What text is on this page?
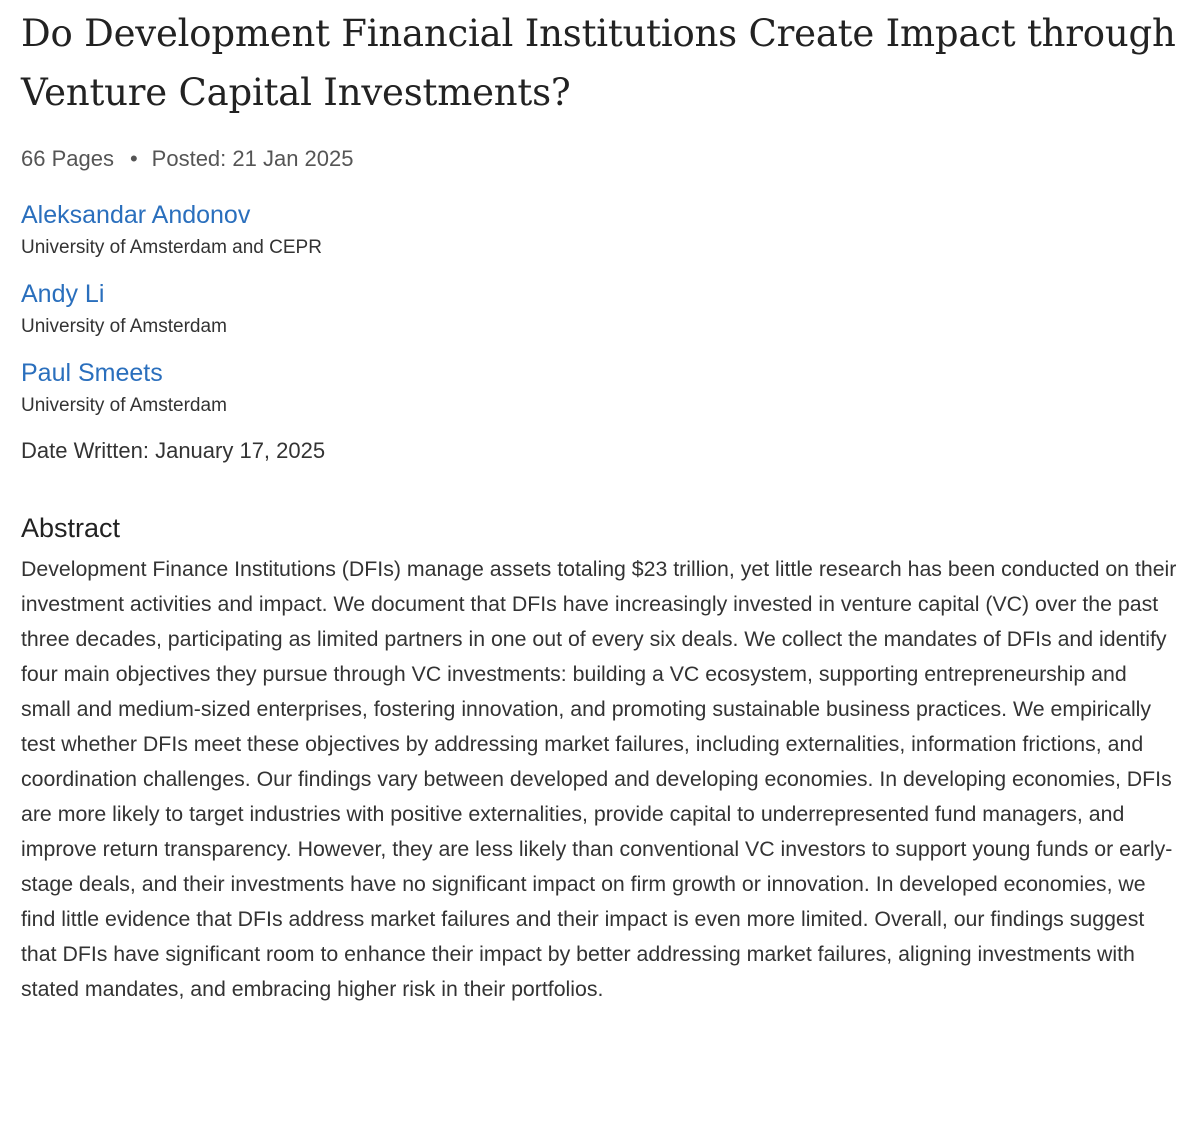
Do Development Financial Institutions Create Impact through Venture Capital Investments?
66 Pages • Posted: 21 Jan 2025
Aleksandar Andonov
University of Amsterdam and CEPR
Andy Li
University of Amsterdam
Paul Smeets
University of Amsterdam
Date Written: January 17, 2025
Abstract
Development Finance Institutions (DFIs) manage assets totaling $23 trillion, yet little research has been conducted on their investment activities and impact. We document that DFIs have increasingly invested in venture capital (VC) over the past three decades, participating as limited partners in one out of every six deals. We collect the mandates of DFIs and identify four main objectives they pursue through VC investments: building a VC ecosystem, supporting entrepreneurship and small and medium-sized enterprises, fostering innovation, and promoting sustainable business practices. We empirically test whether DFIs meet these objectives by addressing market failures, including externalities, information frictions, and coordination challenges. Our findings vary between developed and developing economies. In developing economies, DFIs are more likely to target industries with positive externalities, provide capital to underrepresented fund managers, and improve return transparency. However, they are less likely than conventional VC investors to support young funds or early-stage deals, and their investments have no significant impact on firm growth or innovation. In developed economies, we find little evidence that DFIs address market failures and their impact is even more limited. Overall, our findings suggest that DFIs have significant room to enhance their impact by better addressing market failures, aligning investments with stated mandates, and embracing higher risk in their portfolios.
